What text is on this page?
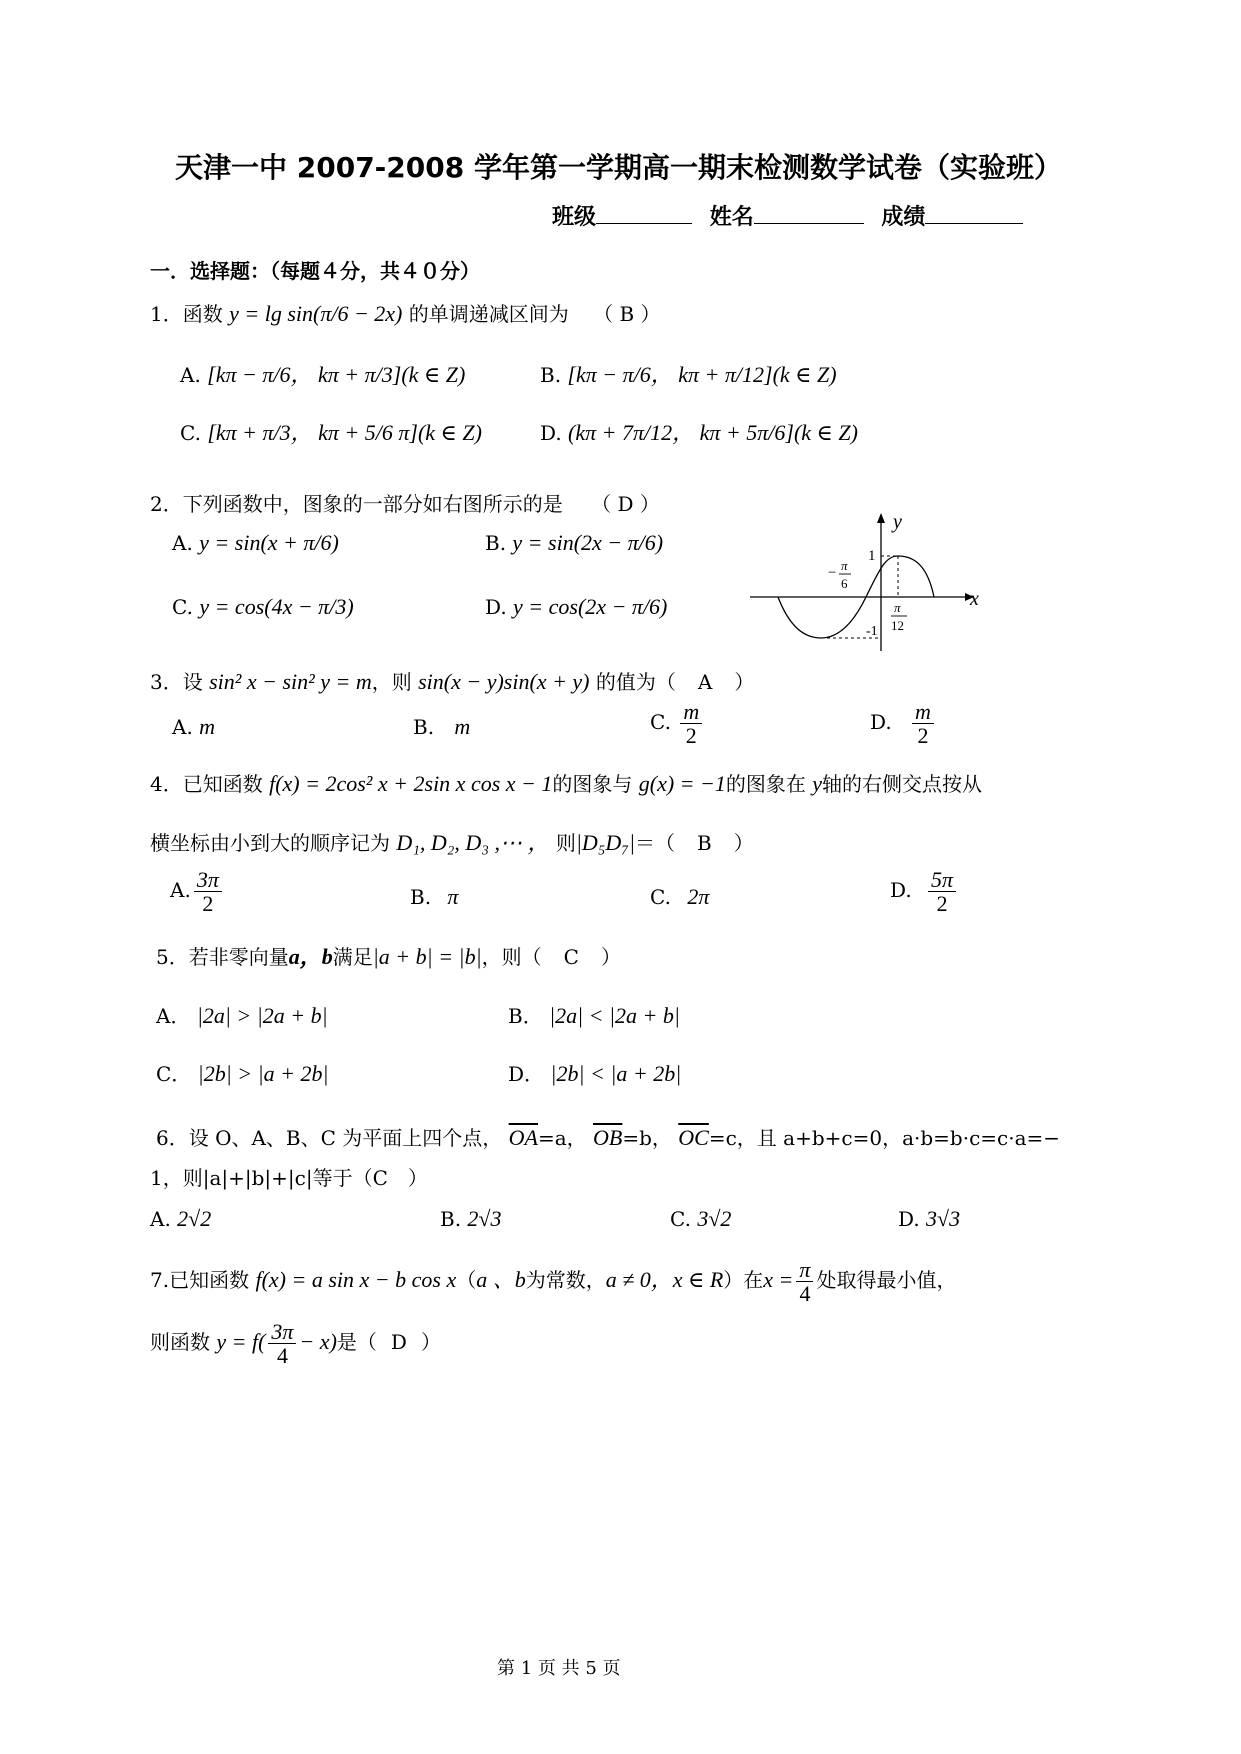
天津一中 2007-2008 学年第一学期高一期末检测数学试卷（实验班）
班级	姓名	成绩
一．选择题：（每题４分，共４０分）
1．函数 y = lg sin(π/6 − 2x) 的单调递减区间为 （ B ）
A. [kπ − π/6， kπ + π/3](k ∈ Z)	B. [kπ − π/6， kπ + π/12](k ∈ Z)
C. [kπ + π/3， kπ + 5/6 π](k ∈ Z)	D. (kπ + 7π/12， kπ + 5π/6](k ∈ Z)
2．下列函数中，图象的一部分如右图所示的是 （ D ）
A. y = sin(x + π/6)	B. y = sin(2x − π/6)
C. y = cos(4x − π/3)	D. y = cos(2x − π/6)
y
x
1
-1
− π
6
π
12
3．设 sin² x − sin² y = m，则 sin(x − y)sin(x + y) 的值为（ A ）
A. m	B. m	C. $\frac{m}{2}$	D. $\frac{m}{2}$
4．已知函数 f(x) = 2cos² x + 2sin x cos x − 1的图象与 g(x) = −1的图象在 y轴的右侧交点按从
横坐标由小到大的顺序记为 D₁, D₂, D₃ ,⋯ ， 则|D₅D₇|＝（ B ）
A. $\frac{3\pi}{2}$	B. π	C. 2π	D. $\frac{5\pi}{2}$
5．若非零向量a，b满足|a + b| = |b|，则（ C ）
A． |2a| > |2a + b|	B． |2a| < |2a + b|
C． |2b| > |a + 2b|	D． |2b| < |a + 2b|
6．设 O、A、B、C 为平面上四个点， $\overline{OA}=a$， $\overline{OB}=b$， $\overline{OC}=c$，且 a+b+c=0，a·b=b·c=c·a=−
1，则|a|+|b|+|c|等于（C　）
A. 2√2	B. 2√3	C. 3√2	D. 3√3
7.已知函数 f(x) = a sin x − b cos x（a 、b为常数，a ≠ 0，x ∈ R）在$x = \frac{\pi}{4}$ 处取得最小值，
则函数 $y = f( \frac{3\pi}{4} - x)$是（ D ）
第 1 页 共 5 页
